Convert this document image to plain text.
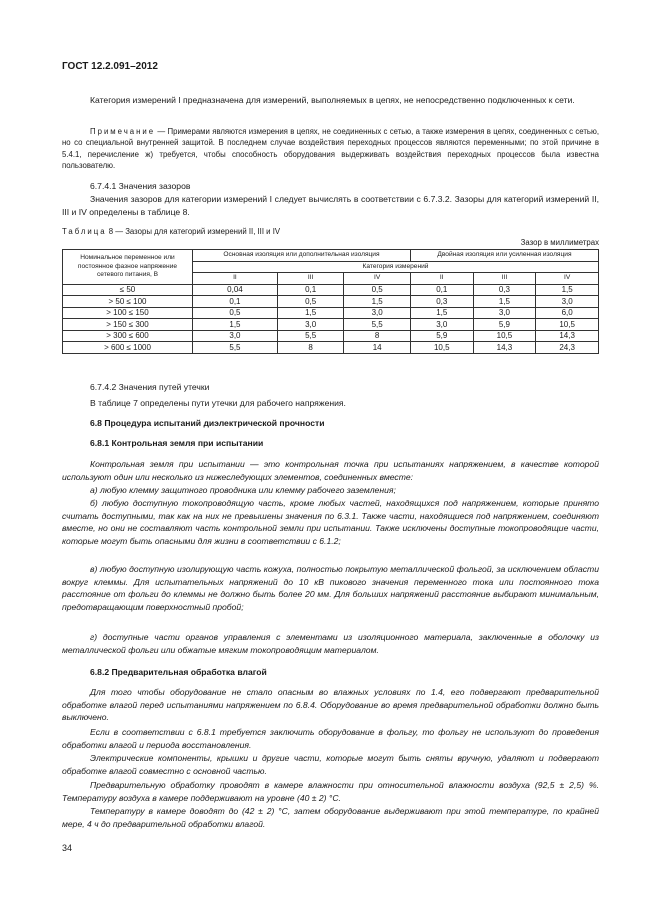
ГОСТ 12.2.091–2012
Категория измерений I предназначена для измерений, выполняемых в цепях, не непосредственно подключенных к сети.
Примечание — Примерами являются измерения в цепях, не соединенных с сетью, а также измерения в цепях, соединенных с сетью, но со специальной внутренней защитой. В последнем случае воздействия переходных процессов являются переменными; по этой причине в 5.4.1, перечисление ж) требуется, чтобы способность оборудования выдерживать воздействия переходных процессов была известна пользователю.
6.7.4.1 Значения зазоров
Значения зазоров для категории измерений I следует вычислять в соответствии с 6.7.3.2. Зазоры для категорий измерений II, III и IV определены в таблице 8.
Таблица 8 — Зазоры для категорий измерений II, III и IV
Зазор в миллиметрах
Номинальное переменное или постоянное фазное напряжение сетевого питания, В	Основная изоляция или дополнительная изоляция			Двойная изоляция или усиленная изоляция		
	Категория измерений					
	II	III	IV	II	III	IV
≤ 50	0,04	0,1	0,5	0,1	0,3	1,5
> 50 ≤ 100	0,1	0,5	1,5	0,3	1,5	3,0
> 100 ≤ 150	0,5	1,5	3,0	1,5	3,0	6,0
> 150 ≤ 300	1,5	3,0	5,5	3,0	5,9	10,5
> 300 ≤ 600	3,0	5,5	8	5,9	10,5	14,3
> 600 ≤ 1000	5,5	8	14	10,5	14,3	24,3
6.7.4.2 Значения путей утечки
В таблице 7 определены пути утечки для рабочего напряжения.
6.8 Процедура испытаний диэлектрической прочности
6.8.1 Контрольная земля при испытании
Контрольная земля при испытании — это контрольная точка при испытаниях напряжением, в качестве которой используют один или несколько из нижеследующих элементов, соединенных вместе:
а) любую клемму защитного проводника или клемму рабочего заземления;
б) любую доступную токопроводящую часть, кроме любых частей, находящихся под напряжением, которые принято считать доступными, так как на них не превышены значения по 6.3.1. Также части, находящиеся под напряжением, соединяют вместе, но они не составляют часть контрольной земли при испытании. Также исключены доступные токопроводящие части, которые могут быть опасными для жизни в соответствии с 6.1.2;
в) любую доступную изолирующую часть кожуха, полностью покрытую металлической фольгой, за исключением области вокруг клеммы. Для испытательных напряжений до 10 кВ пикового значения переменного тока или постоянного тока расстояние от фольги до клеммы не должно быть более 20 мм. Для больших напряжений расстояние выбирают минимальным, предотвращающим поверхностный пробой;
г) доступные части органов управления с элементами из изоляционного материала, заключенные в оболочку из металлической фольги или обжатые мягким токопроводящим материалом.
6.8.2 Предварительная обработка влагой
Для того чтобы оборудование не стало опасным во влажных условиях по 1.4, его подвергают предварительной обработке влагой перед испытаниями напряжением по 6.8.4. Оборудование во время предварительной обработки должно быть выключено.
Если в соответствии с 6.8.1 требуется заключить оборудование в фольгу, то фольгу не используют до проведения обработки влагой и периода восстановления.
Электрические компоненты, крышки и другие части, которые могут быть сняты вручную, удаляют и подвергают обработке влагой совместно с основной частью.
Предварительную обработку проводят в камере влажности при относительной влажности воздуха (92,5 ± 2,5) %. Температуру воздуха в камере поддерживают на уровне (40 ± 2) °С.
Температуру в камере доводят до (42 ± 2) °С, затем оборудование выдерживают при этой температуре, по крайней мере, 4 ч до предварительной обработки влагой.
34
